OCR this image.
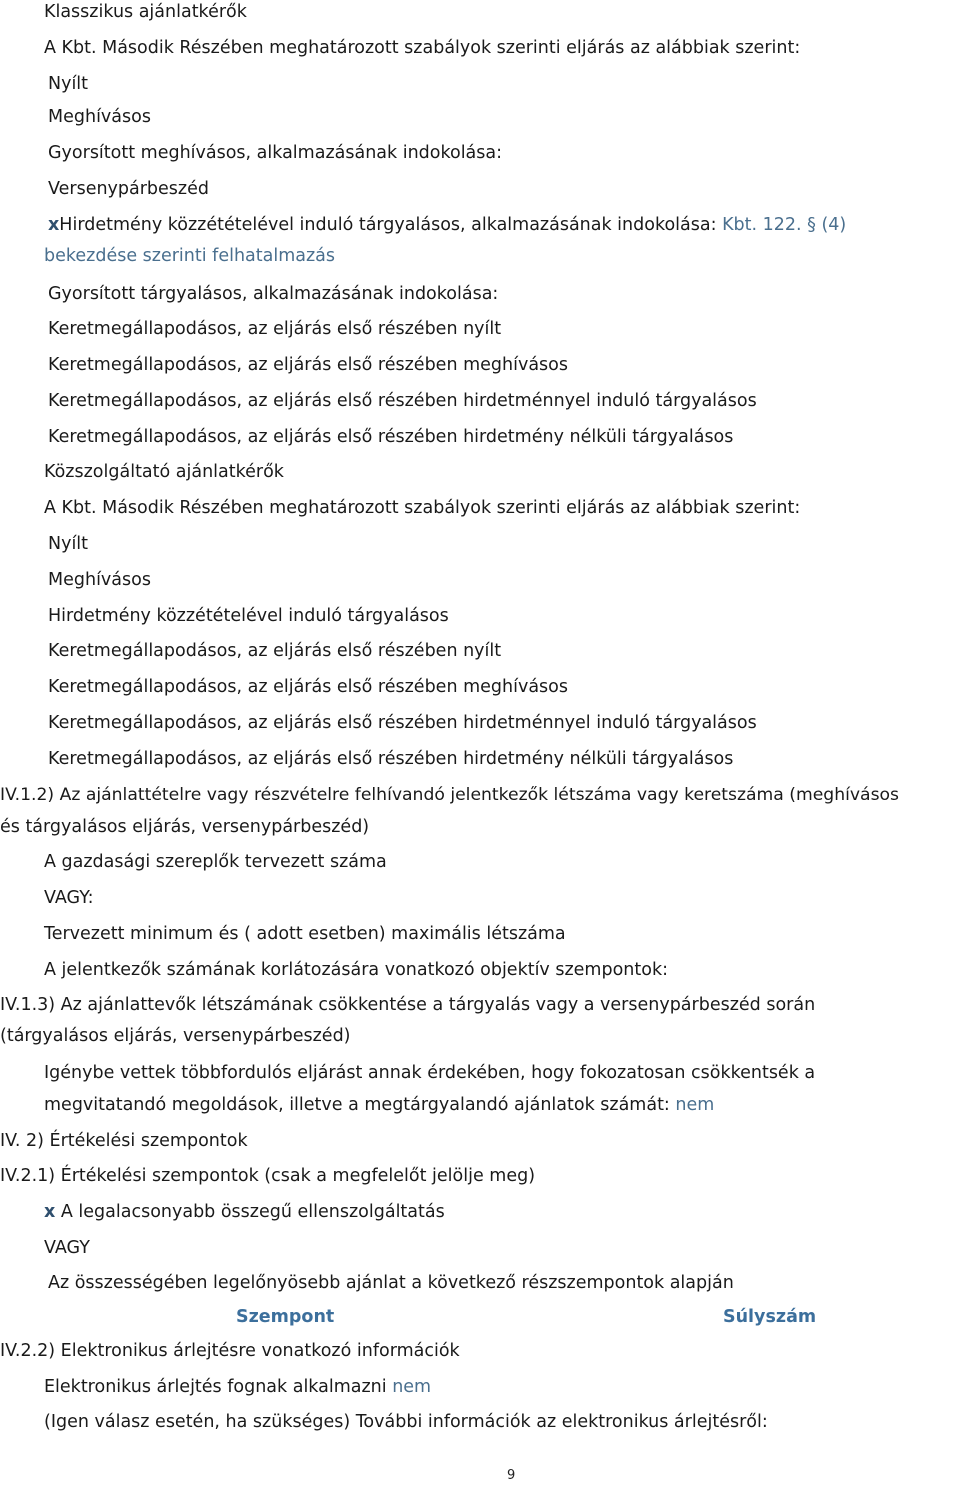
Klasszikus ajánlatkérők
A Kbt. Második Részében meghatározott szabályok szerinti eljárás az alábbiak szerint:
Nyílt
Meghívásos
Gyorsított meghívásos, alkalmazásának indokolása:
Versenypárbeszéd
xHirdetmény közzétételével induló tárgyalásos, alkalmazásának indokolása: Kbt. 122. § (4)
bekezdése szerinti felhatalmazás
Gyorsított tárgyalásos, alkalmazásának indokolása:
Keretmegállapodásos, az eljárás első részében nyílt
Keretmegállapodásos, az eljárás első részében meghívásos
Keretmegállapodásos, az eljárás első részében hirdetménnyel induló tárgyalásos
Keretmegállapodásos, az eljárás első részében hirdetmény nélküli tárgyalásos
Közszolgáltató ajánlatkérők
A Kbt. Második Részében meghatározott szabályok szerinti eljárás az alábbiak szerint:
Nyílt
Meghívásos
Hirdetmény közzétételével induló tárgyalásos
Keretmegállapodásos, az eljárás első részében nyílt
Keretmegállapodásos, az eljárás első részében meghívásos
Keretmegállapodásos, az eljárás első részében hirdetménnyel induló tárgyalásos
Keretmegállapodásos, az eljárás első részében hirdetmény nélküli tárgyalásos
IV.1.2) Az ajánlattételre vagy részvételre felhívandó jelentkezők létszáma vagy keretszáma (meghívásos
és tárgyalásos eljárás, versenypárbeszéd)
A gazdasági szereplők tervezett száma
VAGY:
Tervezett minimum és ( adott esetben) maximális létszáma
A jelentkezők számának korlátozására vonatkozó objektív szempontok:
IV.1.3) Az ajánlattevők létszámának csökkentése a tárgyalás vagy a versenypárbeszéd során
(tárgyalásos eljárás, versenypárbeszéd)
Igénybe vettek többfordulós eljárást annak érdekében, hogy fokozatosan csökkentsék a
megvitatandó megoldások, illetve a megtárgyalandó ajánlatok számát: nem
IV. 2) Értékelési szempontok
IV.2.1) Értékelési szempontok (csak a megfelelőt jelölje meg)
x A legalacsonyabb összegű ellenszolgáltatás
VAGY
Az összességében legelőnyösebb ajánlat a következő részszempontok alapján
Szempont	Súlyszám
IV.2.2) Elektronikus árlejtésre vonatkozó információk
Elektronikus árlejtés fognak alkalmazni nem
(Igen válasz esetén, ha szükséges) További információk az elektronikus árlejtésről:
9
